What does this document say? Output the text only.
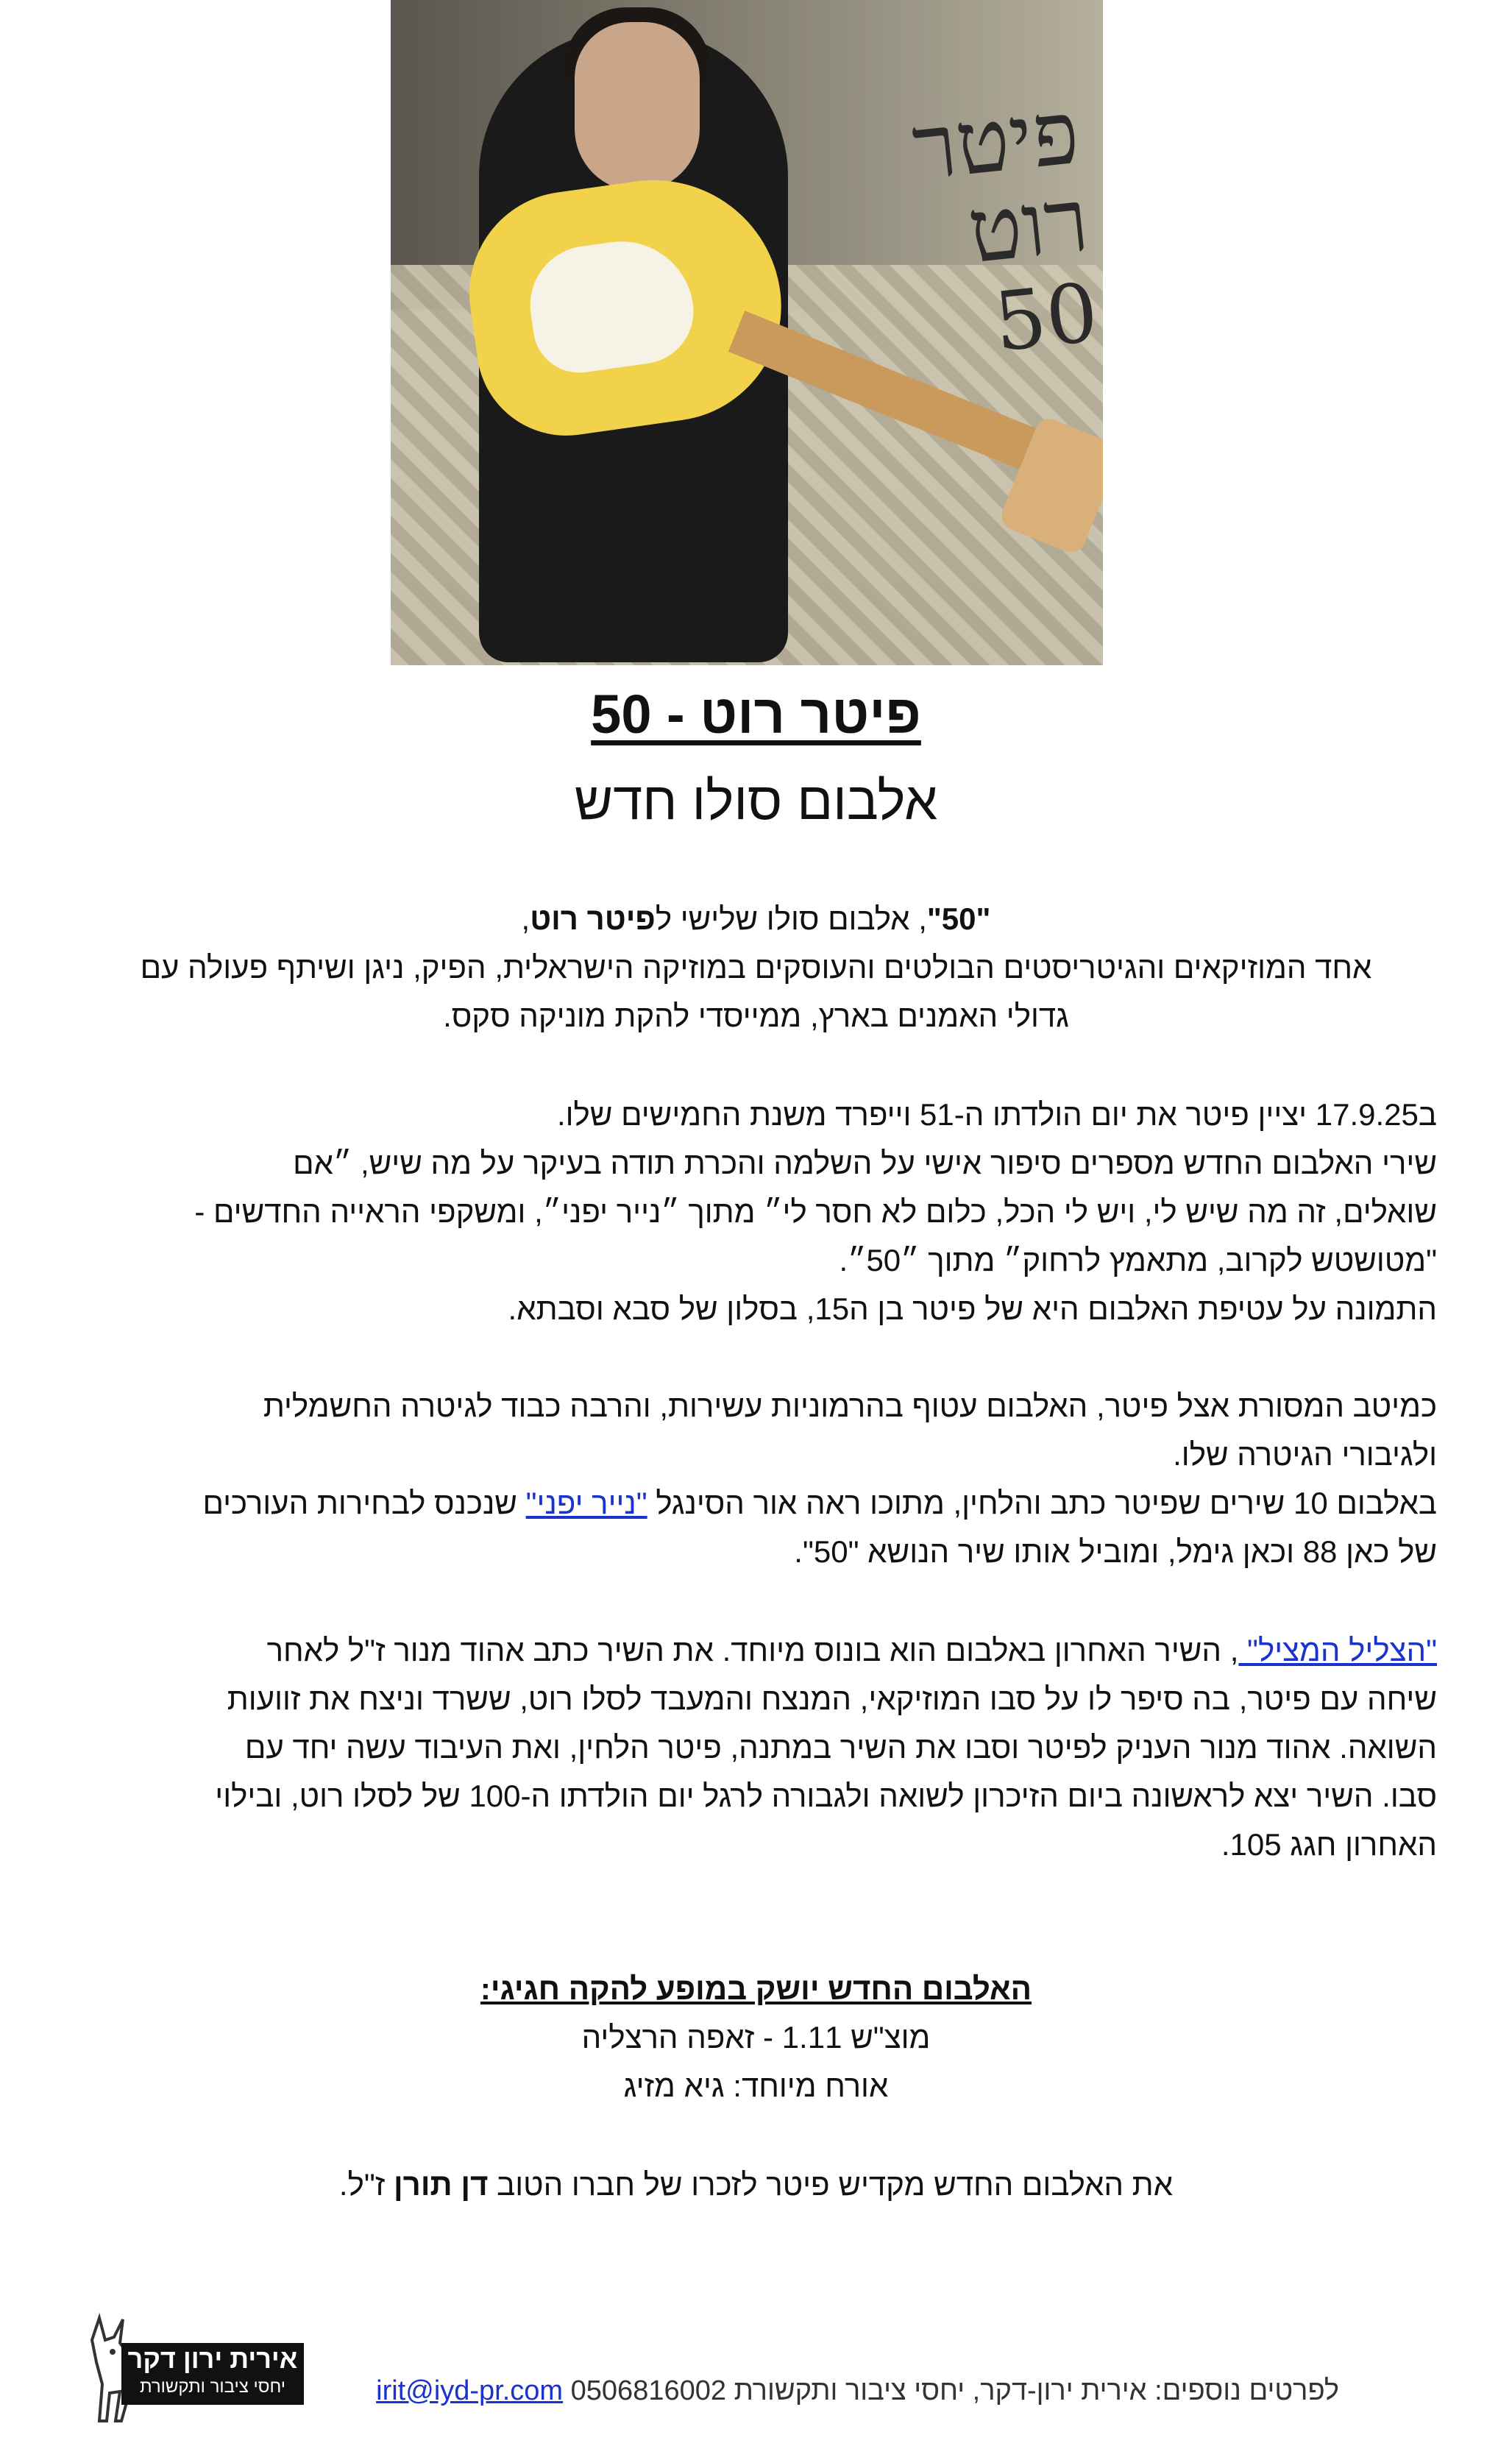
פיטר רוט
50
פיטר רוט - 50
אלבום סולו חדש
"50", אלבום סולו שלישי לפיטר רוט,
אחד המוזיקאים והגיטריסטים הבולטים והעוסקים במוזיקה הישראלית, הפיק, ניגן ושיתף פעולה עם
גדולי האמנים בארץ, ממייסדי להקת מוניקה סקס.
ב17.9.25 יציין פיטר את יום הולדתו ה-51 וייפרד משנת החמישים שלו.
שירי האלבום החדש מספרים סיפור אישי על השלמה והכרת תודה בעיקר על מה שיש, ״אם
שואלים, זה מה שיש לי, ויש לי הכל, כלום לא חסר לי״ מתוך ״נייר יפני״, ומשקפי הראייה החדשים -
"מטושטש לקרוב, מתאמץ לרחוק״ מתוך ״50״.
התמונה על עטיפת האלבום היא של פיטר בן ה15, בסלון של סבא וסבתא.
כמיטב המסורת אצל פיטר, האלבום עטוף בהרמוניות עשירות, והרבה כבוד לגיטרה החשמלית
ולגיבורי הגיטרה שלו.
באלבום 10 שירים שפיטר כתב והלחין, מתוכו ראה אור הסינגל "נייר יפני" שנכנס לבחירות העורכים
של כאן 88 וכאן גימל, ומוביל אותו שיר הנושא "50".
"הצליל המציל" , השיר האחרון באלבום הוא בונוס מיוחד. את השיר כתב אהוד מנור ז"ל לאחר
שיחה עם פיטר, בה סיפר לו על סבו המוזיקאי, המנצח והמעבד לסלו רוט, ששרד וניצח את זוועות
השואה. אהוד מנור העניק לפיטר וסבו את השיר במתנה, פיטר הלחין, ואת העיבוד עשה יחד עם
סבו. השיר יצא לראשונה ביום הזיכרון לשואה ולגבורה לרגל יום הולדתו ה-100 של לסלו רוט, ובילוי
האחרון חגג 105.
האלבום החדש יושק במופע להקה חגיגי:
מוצ"ש 1.11 - זאפה הרצליה
אורח מיוחד: גיא מזיג
את האלבום החדש מקדיש פיטר לזכרו של חברו הטוב דן תורן ז"ל.
אירית ירון דקר
יחסי ציבור ותקשורת	לפרטים נוספים: אירית ירון-דקר, יחסי ציבור ותקשורת 0506816002 irit@iyd-pr.com
